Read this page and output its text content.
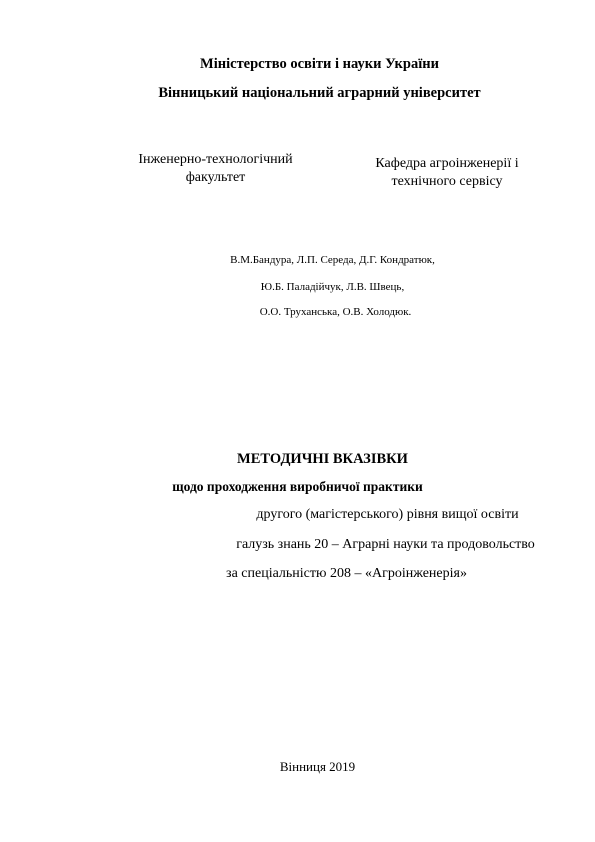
Міністерство освіти і науки України
Вінницький національний аграрний університет
Інженерно-технологічний
факультет
Кафедра агроінженерії і
технічного сервісу
В.М.Бандура, Л.П. Середа, Д.Г. Кондратюк,
Ю.Б. Паладійчук, Л.В. Швець,
О.О. Труханська, О.В. Холодюк.
МЕТОДИЧНІ ВКАЗІВКИ
щодо проходження виробничої практики
другого (магістерського) рівня вищої освіти
галузь знань 20 – Аграрні науки та продовольство
за спеціальністю 208 – «Агроінженерія»
Вінниця 2019
